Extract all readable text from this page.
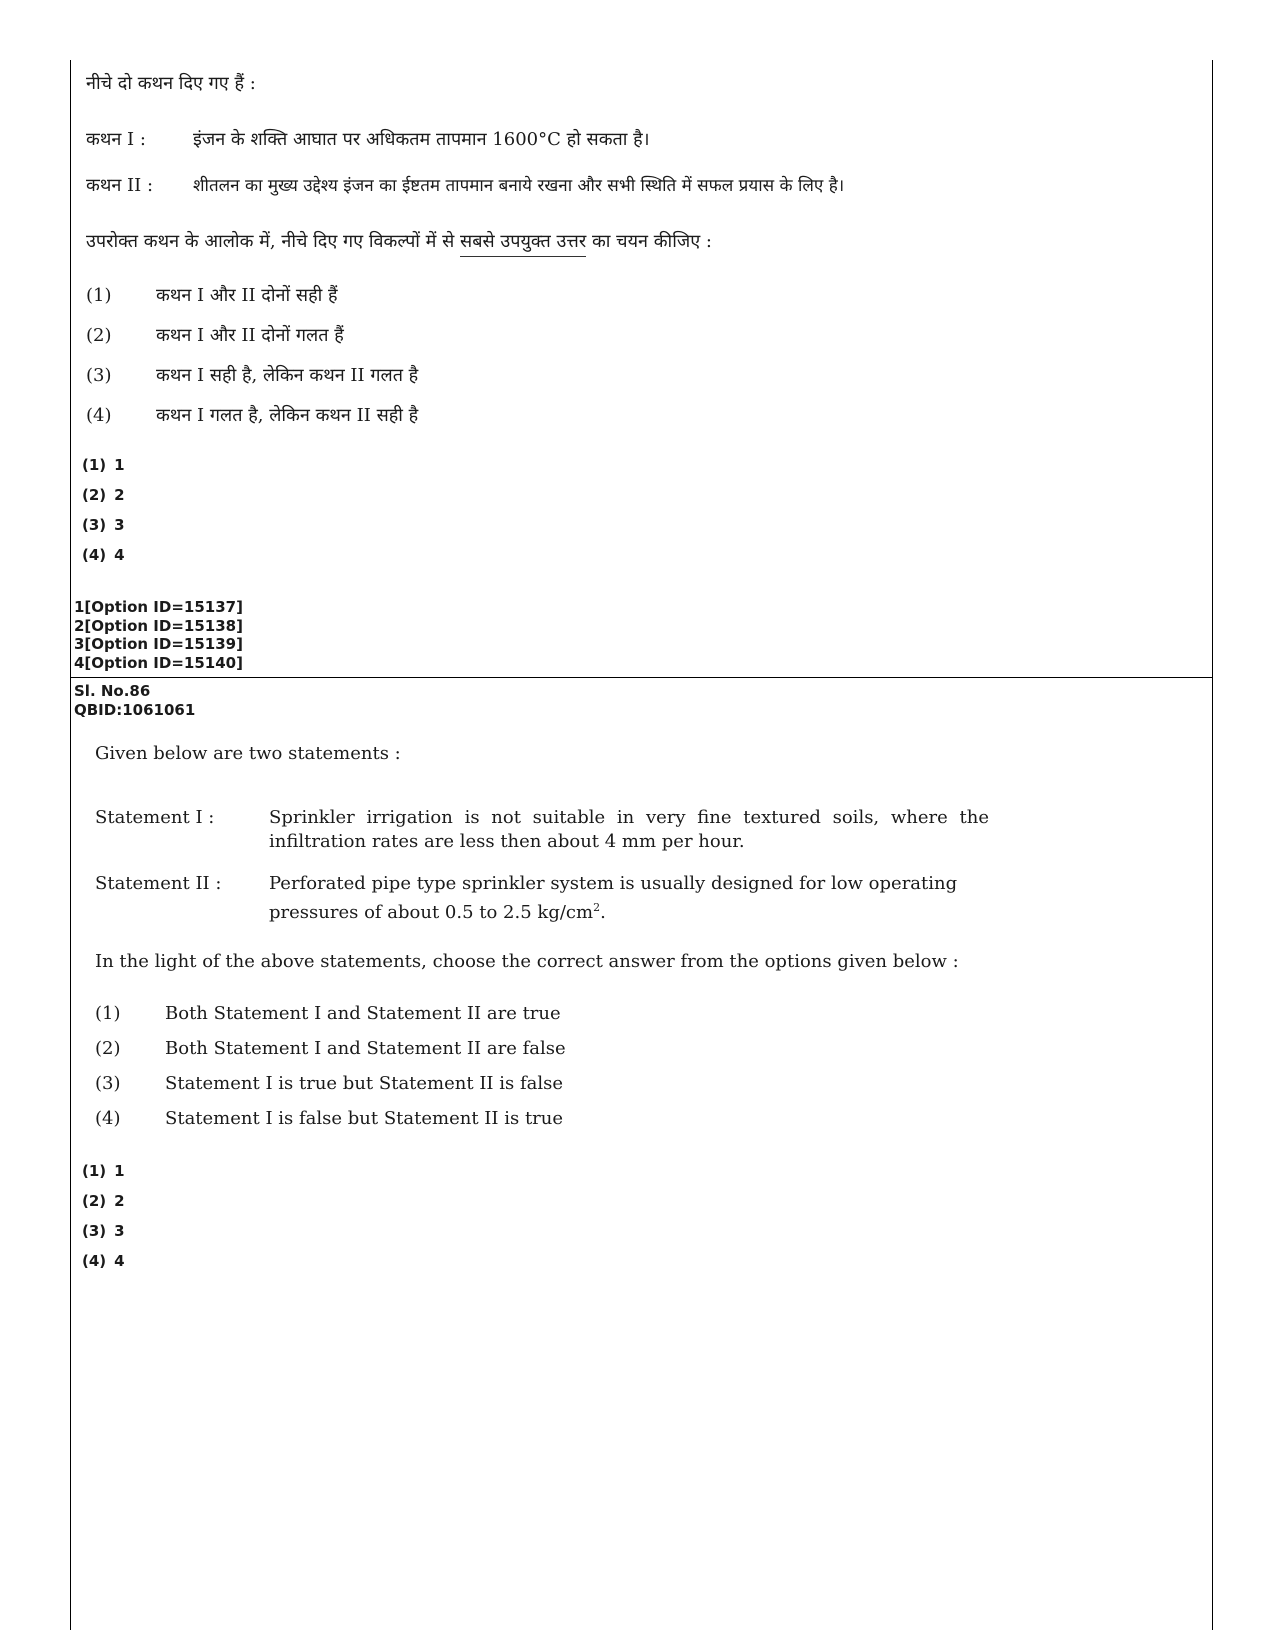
नीचे दो कथन दिए गए हैं :
कथन I :	इंजन के शक्ति आघात पर अधिकतम तापमान 1600°C हो सकता है।
कथन II : शीतलन का मुख्य उद्देश्य इंजन का ईष्टतम तापमान बनाये रखना और सभी स्थिति में सफल प्रयास के लिए है।
उपरोक्त कथन के आलोक में, नीचे दिए गए विकल्पों में से सबसे उपयुक्त उत्तर का चयन कीजिए :
(1) कथन I और II दोनों सही हैं
(2) कथन I और II दोनों गलत हैं
(3) कथन I सही है, लेकिन कथन II गलत है
(4) कथन I गलत है, लेकिन कथन II सही है
(1) 1
(2) 2
(3) 3
(4) 4
1[Option ID=15137]
2[Option ID=15138]
3[Option ID=15139]
4[Option ID=15140]
Sl. No.86
QBID:1061061
Given below are two statements :
Statement I :	Sprinkler irrigation is not suitable in very fine textured soils, where the infiltration rates are less then about 4 mm per hour.
Statement II :	Perforated pipe type sprinkler system is usually designed for low operating pressures of about 0.5 to 2.5 $kg/cm^2$.
In the light of the above statements, choose the correct answer from the options given below :
(1) Both Statement I and Statement II are true
(2) Both Statement I and Statement II are false
(3) Statement I is true but Statement II is false
(4) Statement I is false but Statement II is true
(1) 1
(2) 2
(3) 3
(4) 4
